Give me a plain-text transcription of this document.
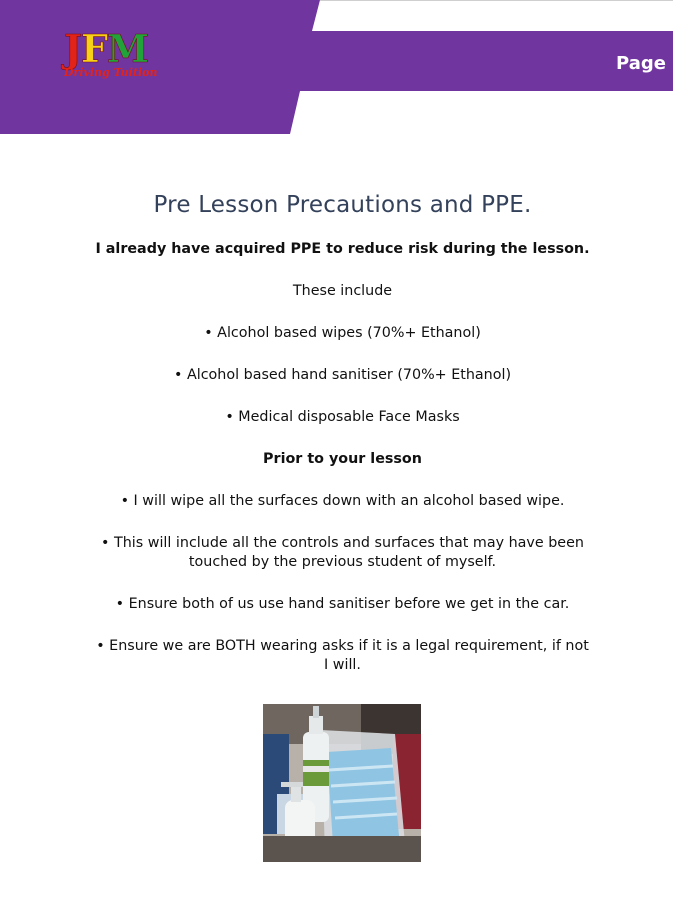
J F M
Driving Tuition	Page 5
Pre Lesson Precautions and PPE.

I already have acquired PPE to reduce risk during the lesson.

These include

• Alcohol based wipes (70%+ Ethanol)

• Alcohol based hand sanitiser (70%+ Ethanol)

• Medical disposable Face Masks

Prior to your lesson

• I will wipe all the surfaces down with an alcohol based wipe.

• This will include all the controls and surfaces that may have been touched by the previous student of myself.

• Ensure both of us use hand sanitiser before we get in the car.

• Ensure we are BOTH wearing asks if it is a legal requirement, if not I will.
